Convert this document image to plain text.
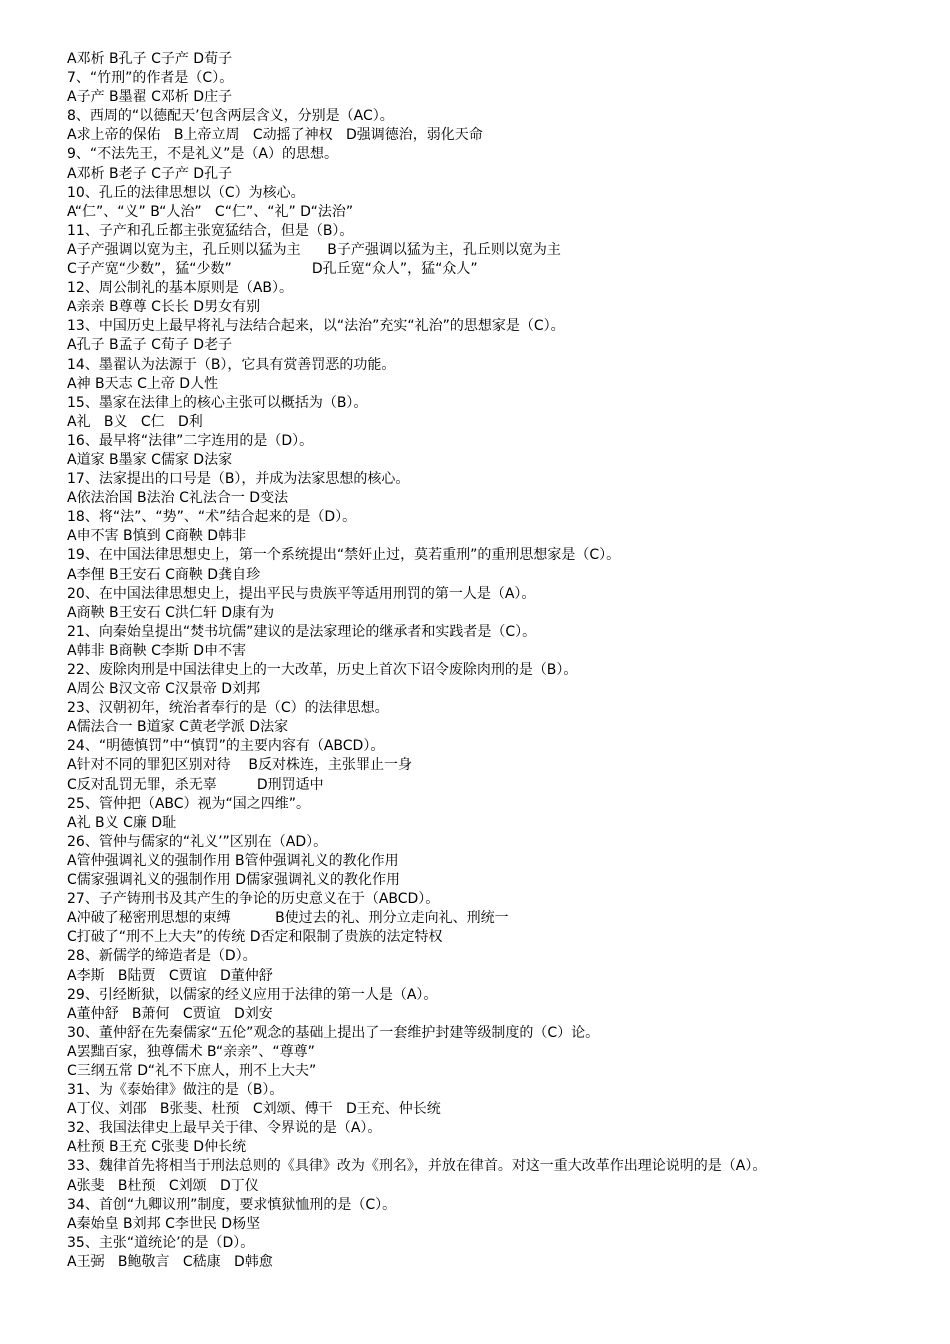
A邓析 B孔子 C子产 D荀子
7、“竹刑”的作者是（C）。
A子产 B墨翟 C邓析 D庄子
8、西周的“以德配天’包含两层含义，分别是（AC）。
A求上帝的保佑   B上帝立周   C动摇了神权   D强调德治，弱化天命
9、“不法先王，不是礼义”是（A）的思想。
A邓析 B老子 C子产 D孔子
10、孔丘的法律思想以（C）为核心。
A“仁”、“义” B“人治”   C“仁”、“礼” D“法治”
11、子产和孔丘都主张宽猛结合，但是（B）。
A子产强调以宽为主，孔丘则以猛为主      B子产强调以猛为主，孔丘则以宽为主
C子产宽“少数”，猛“少数”                  D孔丘宽“众人”，猛“众人”
12、周公制礼的基本原则是（AB）。
A亲亲 B尊尊 C长长 D男女有别
13、中国历史上最早将礼与法结合起来，以“法治”充实“礼治”的思想家是（C）。
A孔子 B孟子 C荀子 D老子
14、墨翟认为法源于（B），它具有赏善罚恶的功能。
A神 B天志 C上帝 D人性
15、墨家在法律上的核心主张可以概括为（B）。
A礼   B义   C仁   D利
16、最早将“法律”二字连用的是（D）。
A道家 B墨家 C儒家 D法家
17、法家提出的口号是（B），并成为法家思想的核心。
A依法治国 B法治 C礼法合一 D变法
18、将“法”、“势”、“术”结合起来的是（D）。
A申不害 B慎到 C商鞅 D韩非
19、在中国法律思想史上，第一个系统提出“禁奸止过，莫若重刑”的重刑思想家是（C）。
A李俚 B王安石 C商鞅 D龚自珍
20、在中国法律思想史上，提出平民与贵族平等适用刑罚的第一人是（A）。
A商鞅 B王安石 C洪仁轩 D康有为
21、向秦始皇提出“焚书坑儒”建议的是法家理论的继承者和实践者是（C）。
A韩非 B商鞅 C李斯 D申不害
22、废除肉刑是中国法律史上的一大改革，历史上首次下诏令废除肉刑的是（B）。
A周公 B汉文帝 C汉景帝 D刘邦
23、汉朝初年，统治者奉行的是（C）的法律思想。
A儒法合一 B道家 C黄老学派 D法家
24、“明德慎罚”中“慎罚”的主要内容有（ABCD）。
A针对不同的罪犯区别对待    B反对株连，主张罪止一身
C反对乱罚无罪，杀无辜         D刑罚适中
25、管仲把（ABC）视为“国之四维”。
A礼 B义 C廉 D耻
26、管仲与儒家的“礼义’”区别在（AD）。
A管仲强调礼义的强制作用 B管仲强调礼义的教化作用
C儒家强调礼义的强制作用 D儒家强调礼义的教化作用
27、子产铸刑书及其产生的争论的历史意义在于（ABCD）。
A冲破了秘密刑思想的束缚          B使过去的礼、刑分立走向礼、刑统一
C打破了“刑不上大夫”的传统 D否定和限制了贵族的法定特权
28、新儒学的缔造者是（D）。
A李斯   B陆贾   C贾谊   D董仲舒
29、引经断狱，以儒家的经义应用于法律的第一人是（A）。
A董仲舒   B萧何   C贾谊   D刘安
30、董仲舒在先秦儒家“五伦”观念的基础上提出了一套维护封建等级制度的（C）论。
A罢黜百家，独尊儒术 B“亲亲”、“尊尊”
C三纲五常 D“礼不下庶人，刑不上大夫”
31、为《泰始律》做注的是（B）。
A丁仪、刘邵   B张斐、杜预   C刘颂、傅干   D王充、仲长统
32、我国法律史上最早关于律、令界说的是（A）。
A杜预 B王充 C张斐 D仲长统
33、魏律首先将相当于刑法总则的《具律》改为《刑名》，并放在律首。对这一重大改革作出理论说明的是（A）。
A张斐   B杜预   C刘颂   D丁仪
34、首创“九卿议刑”制度，要求慎狱恤刑的是（C）。
A秦始皇 B刘邦 C李世民 D杨坚
35、主张“道统论’的是（D）。
A王弼   B鲍敬言   C嵇康   D韩愈
